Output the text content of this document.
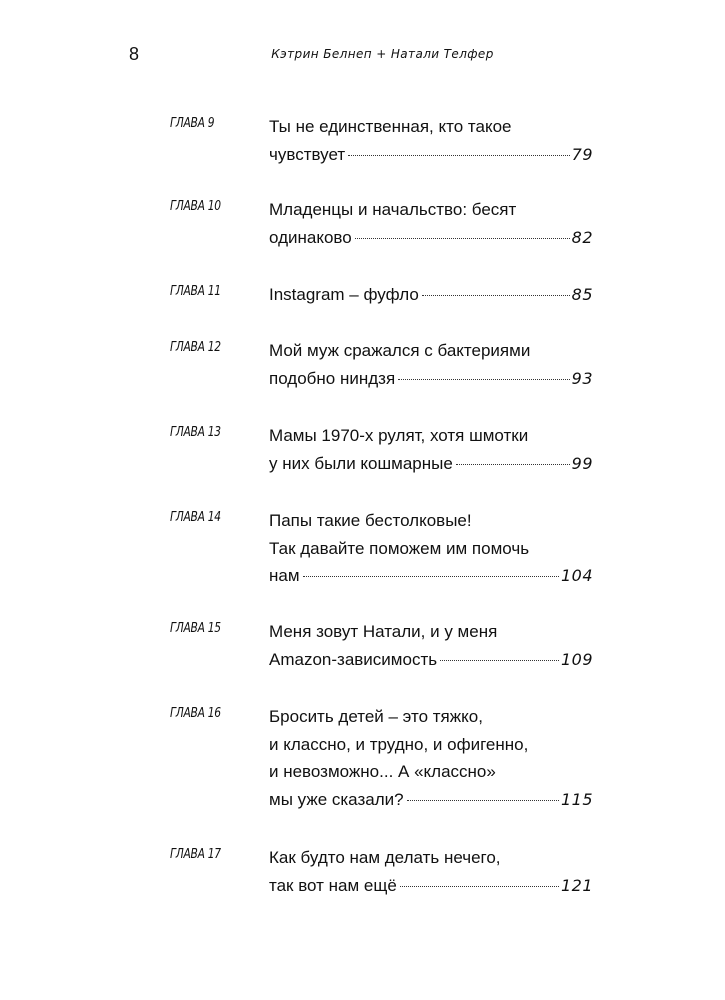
8	Кэтрин Белнеп + Натали Телфер
ГЛАВА 9	Ты не единственная, кто такое
чувствует	79
ГЛАВА 10	Младенцы и начальство: бесят
одинаково	82
ГЛАВА 11	Instagram – фуфло	85
ГЛАВА 12	Мой муж сражался с бактериями
подобно ниндзя	93
ГЛАВА 13	Мамы 1970-х рулят, хотя шмотки
у них были кошмарные	99
ГЛАВА 14	Папы такие бестолковые!
Так давайте поможем им помочь
нам	104
ГЛАВА 15	Меня зовут Натали, и у меня
Amazon-зависимость	109
ГЛАВА 16	Бросить детей – это тяжко,
и классно, и трудно, и офигенно,
и невозможно... А «классно»
мы уже сказали?	115
ГЛАВА 17	Как будто нам делать нечего,
так вот нам ещё	121
